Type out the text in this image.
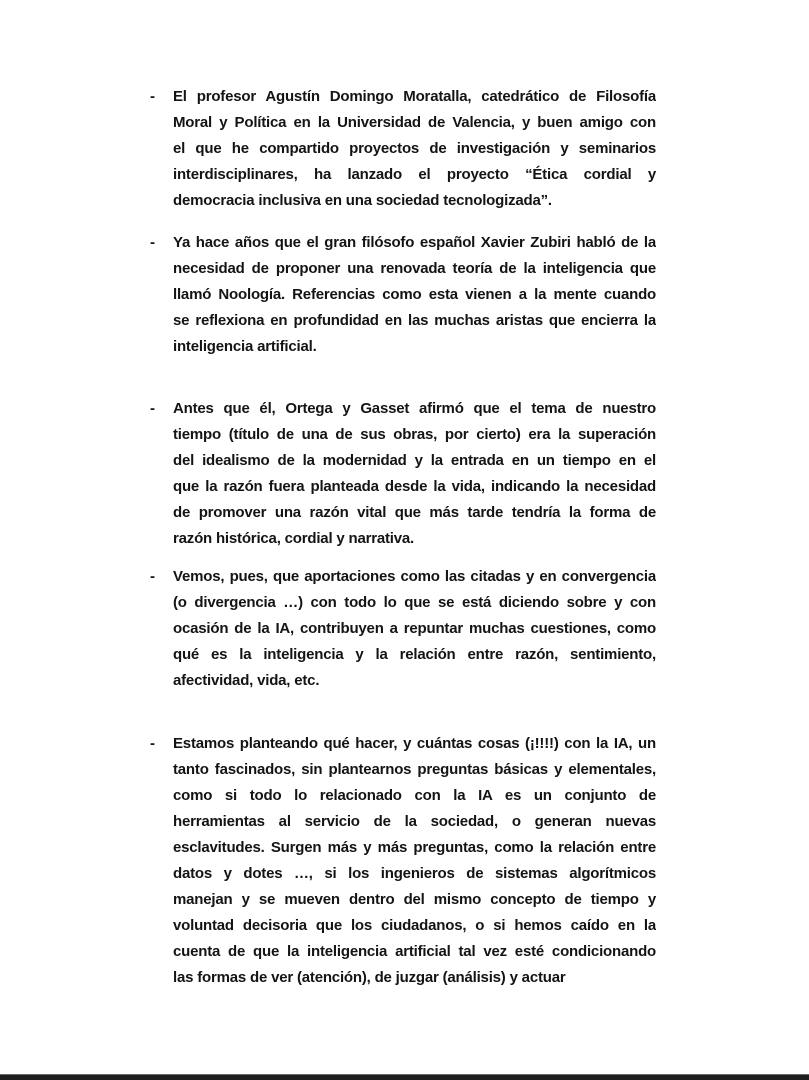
-	El profesor Agustín Domingo Moratalla, catedrático de Filosofía
Moral y Política en la Universidad de Valencia, y buen amigo con
el que he compartido proyectos de investigación y seminarios
interdisciplinares, ha lanzado el proyecto “Ética cordial y
democracia inclusiva en una sociedad tecnologizada”.
-	Ya hace años que el gran filósofo español Xavier Zubiri habló de la
necesidad de proponer una renovada teoría de la inteligencia que
llamó Noología. Referencias como esta vienen a la mente cuando
se reflexiona en profundidad en las muchas aristas que encierra la
inteligencia artificial.
-	Antes que él, Ortega y Gasset afirmó que el tema de nuestro
tiempo (título de una de sus obras, por cierto) era la superación
del idealismo de la modernidad y la entrada en un tiempo en el
que la razón fuera planteada desde la vida, indicando la necesidad
de promover una razón vital que más tarde tendría la forma de
razón histórica, cordial y narrativa.
-	Vemos, pues, que aportaciones como las citadas y en convergencia
(o divergencia …) con todo lo que se está diciendo sobre y con
ocasión de la IA, contribuyen a repuntar muchas cuestiones, como
qué es la inteligencia y la relación entre razón, sentimiento,
afectividad, vida, etc.
-	Estamos planteando qué hacer, y cuántas cosas (¡!!!!) con la IA, un
tanto fascinados, sin plantearnos preguntas básicas y elementales,
como si todo lo relacionado con la IA es un conjunto de
herramientas al servicio de la sociedad, o generan nuevas
esclavitudes. Surgen más y más preguntas, como la relación entre
datos y dotes …, si los ingenieros de sistemas algorítmicos
manejan y se mueven dentro del mismo concepto de tiempo y
voluntad decisoria que los ciudadanos, o si hemos caído en la
cuenta de que la inteligencia artificial tal vez esté condicionando
las formas de ver (atención), de juzgar (análisis) y actuar
